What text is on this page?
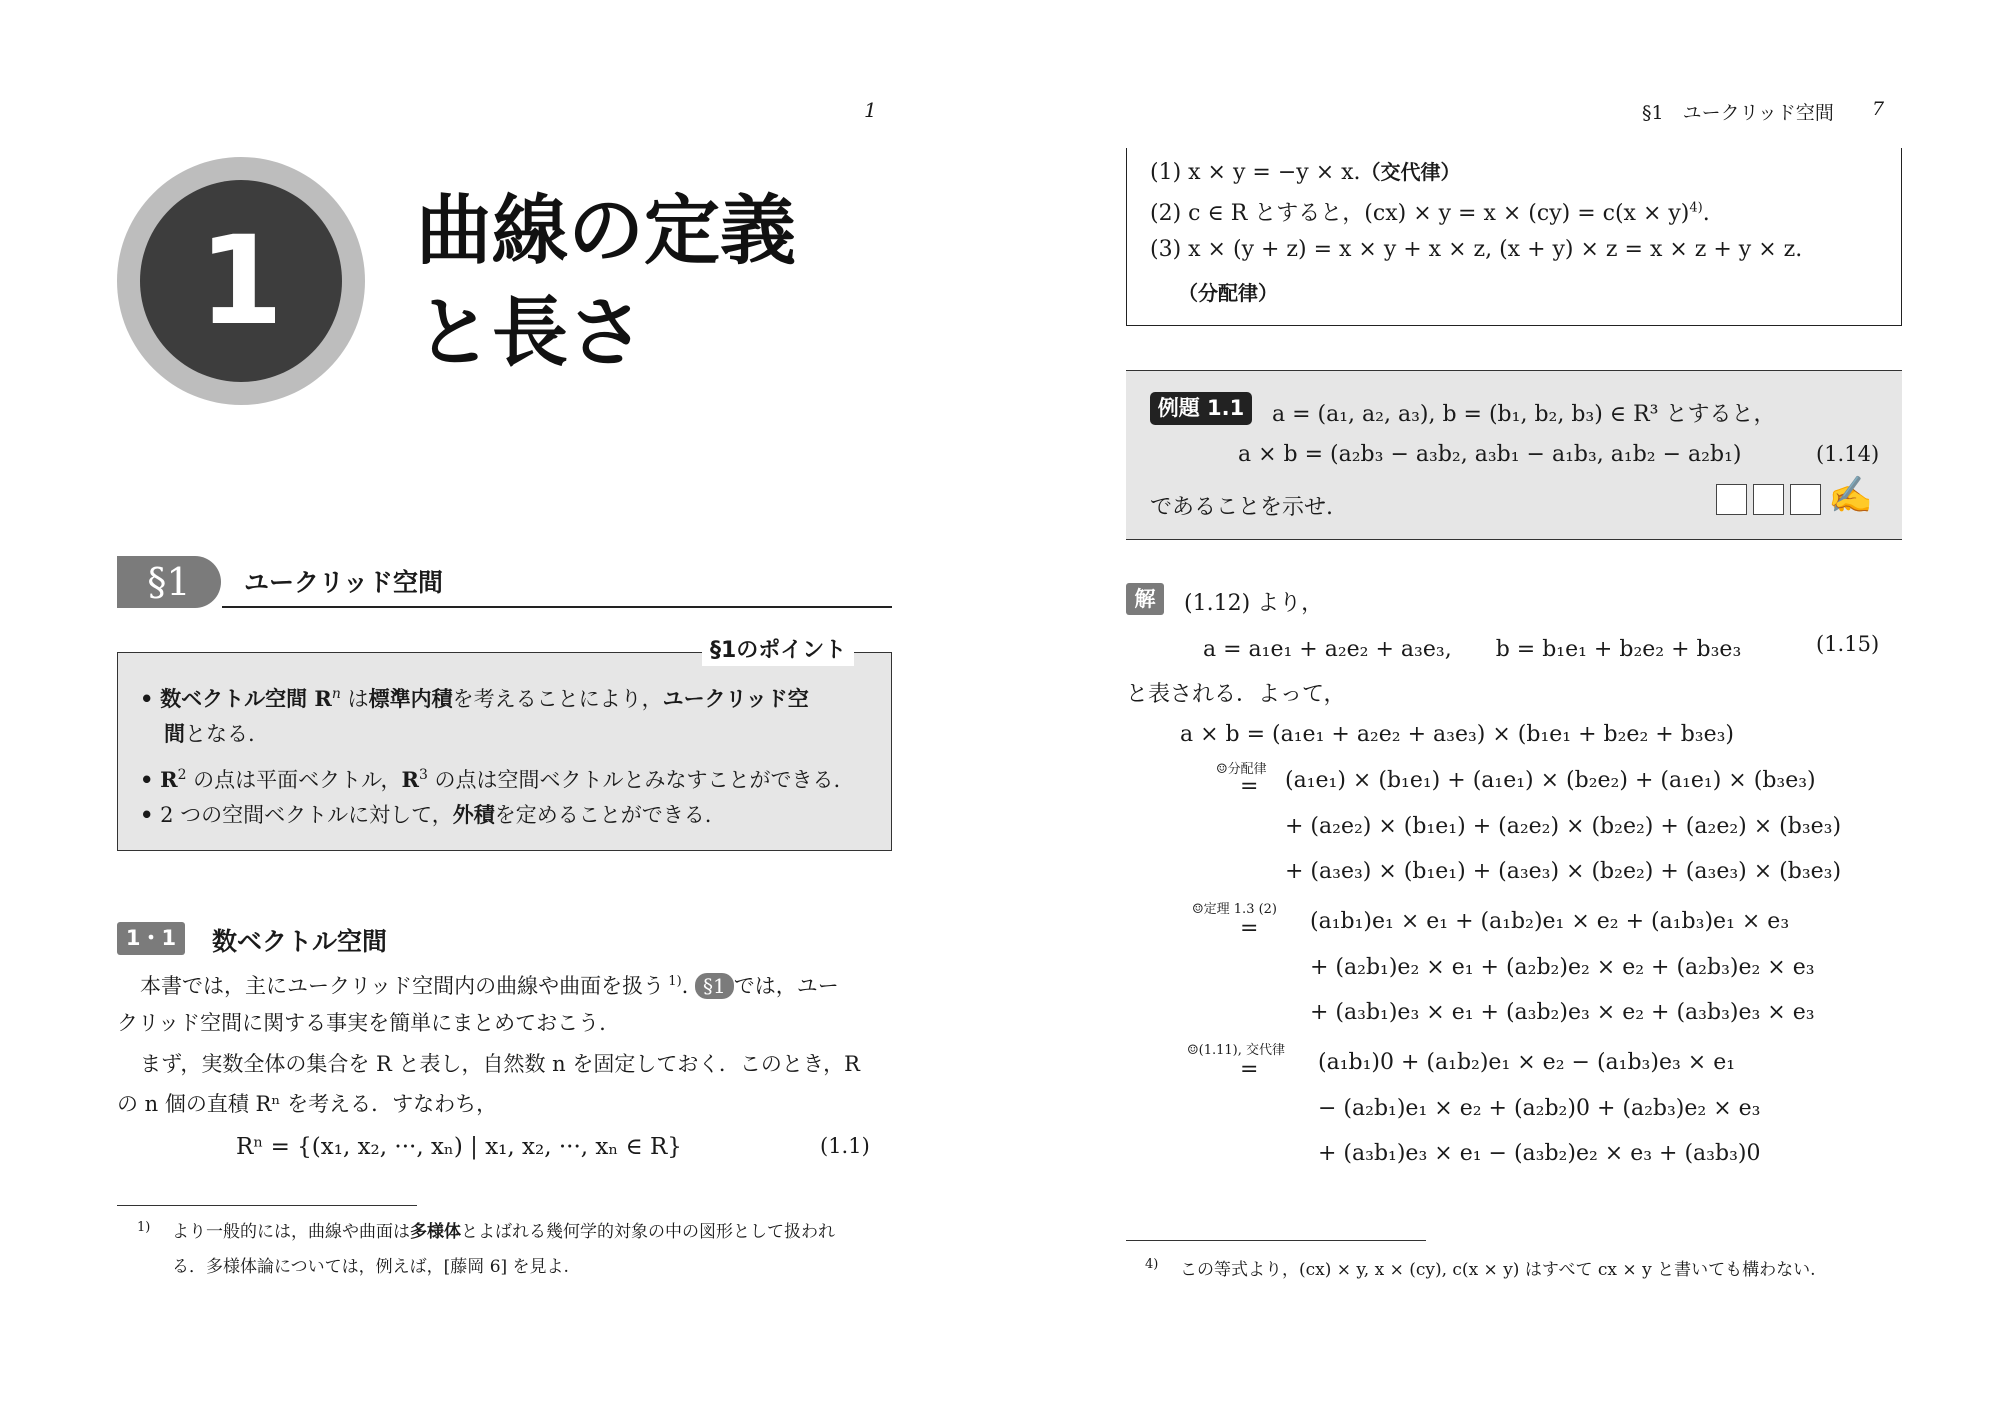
1
1	曲線の定義
と長さ
§1	ユークリッド空間
§1のポイント
• 数ベクトル空間 $R^n$ は標準内積を考えることにより，ユークリッド空
間となる.
• $R^2$ の点は平面ベクトル，$R^3$ の点は空間ベクトルとみなすことができる.
• 2 つの空間ベクトルに対して，外積を定めることができる.
1・1	数ベクトル空間
本書では，主にユークリッド空間内の曲線や曲面を扱う $^{1)}$. §1 では，ユー
クリッド空間に関する事実を簡単にまとめておこう.
まず，実数全体の集合を R と表し，自然数 n を固定しておく．このとき，R
の n 個の直積 Rⁿ を考える．すなわち，
Rⁿ = {(x₁, x₂, ···, xₙ) | x₁, x₂, ···, xₙ ∈ R}	(1.1)
1) より一般的には，曲線や曲面は多様体とよばれる幾何学的対象の中の図形として扱われ
る．多様体論については，例えば，[藤岡 6] を見よ.
§1　ユークリッド空間 7
(1) x × y = −y × x.（交代律）
(2) c ∈ R とすると，$(cx) \times y = x \times (cy) = c(x \times y)^{4)}$.
(3) x × (y + z) = x × y + x × z, (x + y) × z = x × z + y × z.
（分配律）
例題 1.1	a = (a₁, a₂, a₃), b = (b₁, b₂, b₃) ∈ R³ とすると，
a × b = (a₂b₃ − a₃b₂, a₃b₁ − a₁b₃, a₁b₂ − a₂b₁)	(1.14)
であることを示せ.	✍
解	(1.12) より，
a = a₁e₁ + a₂e₂ + a₃e₃,　　b = b₁e₁ + b₂e₂ + b₃e₃	(1.15)
と表される．よって，
a × b = (a₁e₁ + a₂e₂ + a₃e₃) × (b₁e₁ + b₂e₂ + b₃e₃)
☺分配律
= (a₁e₁) × (b₁e₁) + (a₁e₁) × (b₂e₂) + (a₁e₁) × (b₃e₃)
+ (a₂e₂) × (b₁e₁) + (a₂e₂) × (b₂e₂) + (a₂e₂) × (b₃e₃)
+ (a₃e₃) × (b₁e₁) + (a₃e₃) × (b₂e₂) + (a₃e₃) × (b₃e₃)
☺定理 1.3 (2)
= (a₁b₁)e₁ × e₁ + (a₁b₂)e₁ × e₂ + (a₁b₃)e₁ × e₃
+ (a₂b₁)e₂ × e₁ + (a₂b₂)e₂ × e₂ + (a₂b₃)e₂ × e₃
+ (a₃b₁)e₃ × e₁ + (a₃b₂)e₃ × e₂ + (a₃b₃)e₃ × e₃
☺(1.11), 交代律
=	(a₁b₁)0 + (a₁b₂)e₁ × e₂ − (a₁b₃)e₃ × e₁
− (a₂b₁)e₁ × e₂ + (a₂b₂)0 + (a₂b₃)e₂ × e₃
+ (a₃b₁)e₃ × e₁ − (a₃b₂)e₂ × e₃ + (a₃b₃)0
4) この等式より，(cx) × y, x × (cy), c(x × y) はすべて cx × y と書いても構わない.
